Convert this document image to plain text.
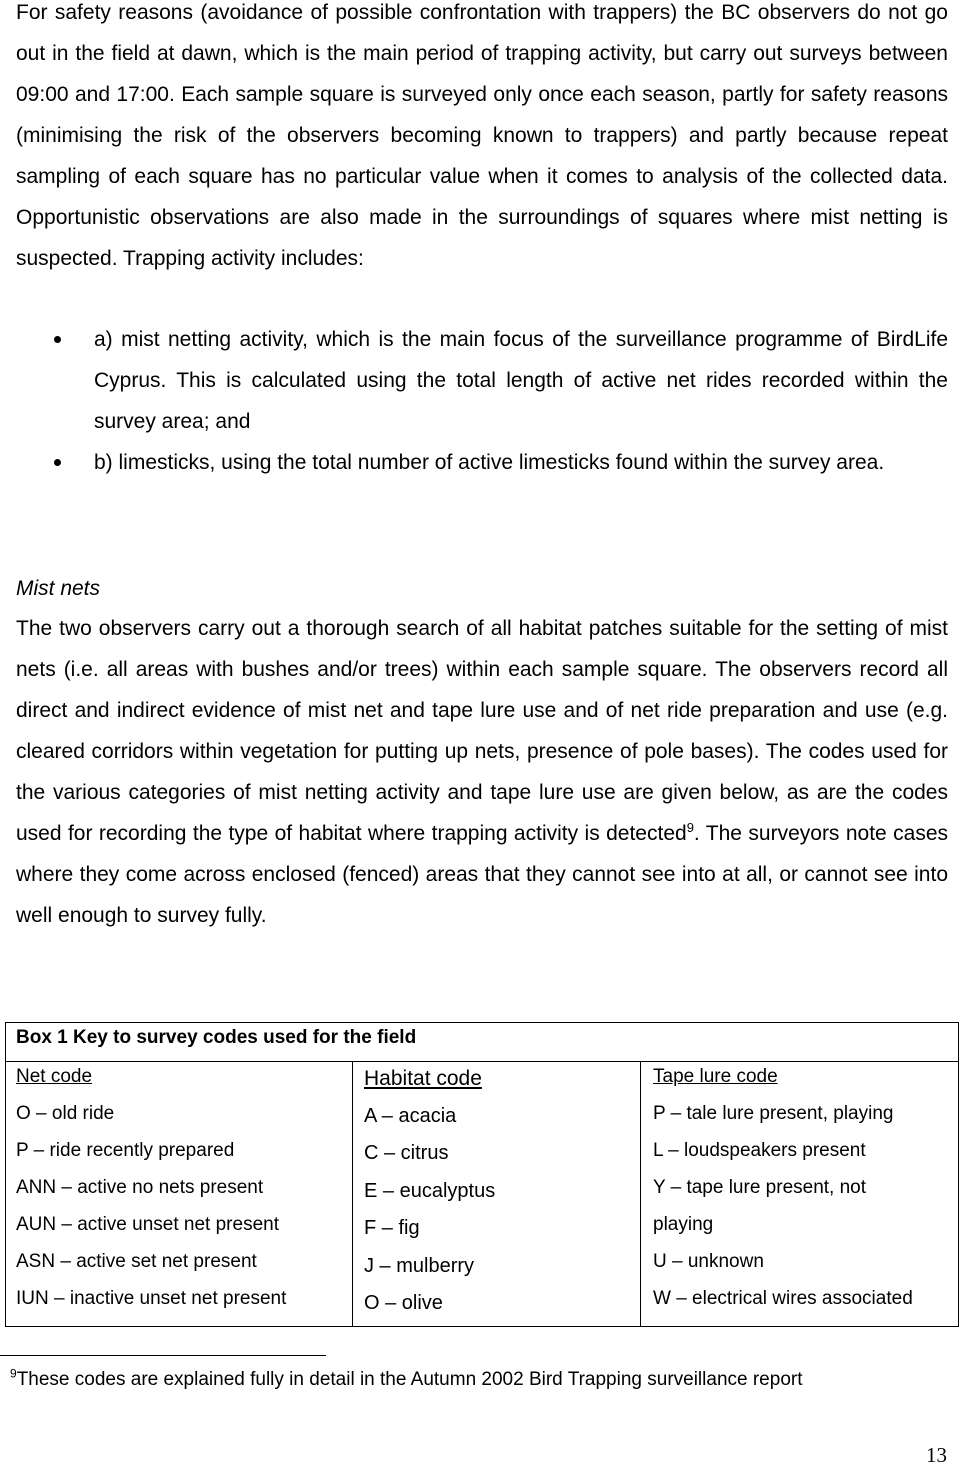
For safety reasons (avoidance of possible confrontation with trappers) the BC observers do not go out in the field at dawn, which is the main period of trapping activity, but carry out surveys between 09:00 and 17:00. Each sample square is surveyed only once each season, partly for safety reasons (minimising the risk of the observers becoming known to trappers) and partly because repeat sampling of each square has no particular value when it comes to analysis of the collected data. Opportunistic observations are also made in the surroundings of squares where mist netting is suspected. Trapping activity includes:

a) mist netting activity, which is the main focus of the surveillance programme of BirdLife Cyprus. This is calculated using the total length of active net rides recorded within the survey area; and
b) limesticks, using the total number of active limesticks found within the survey area.

Mist nets

The two observers carry out a thorough search of all habitat patches suitable for the setting of mist nets (i.e. all areas with bushes and/or trees) within each sample square. The observers record all direct and indirect evidence of mist net and tape lure use and of net ride preparation and use (e.g. cleared corridors within vegetation for putting up nets, presence of pole bases). The codes used for the various categories of mist netting activity and tape lure use are given below, as are the codes used for recording the type of habitat where trapping activity is detected$^9$. The surveyors note cases where they come across enclosed (fenced) areas that they cannot see into at all, or cannot see into well enough to survey fully.

Box 1 Key to survey codes used for the field
Net code
O – old ride
P – ride recently prepared
ANN – active no nets present
AUN – active unset net present
ASN – active set net present
IUN – inactive unset net present
Habitat code
A – acacia
C – citrus
E – eucalyptus
F – fig
J – mulberry
O – olive
Tape lure code
P – tale lure present, playing
L – loudspeakers present
Y – tape lure present, not
playing
U – unknown
W – electrical wires associated
$^9$These codes are explained fully in detail in the Autumn 2002 Bird Trapping surveillance report
13
